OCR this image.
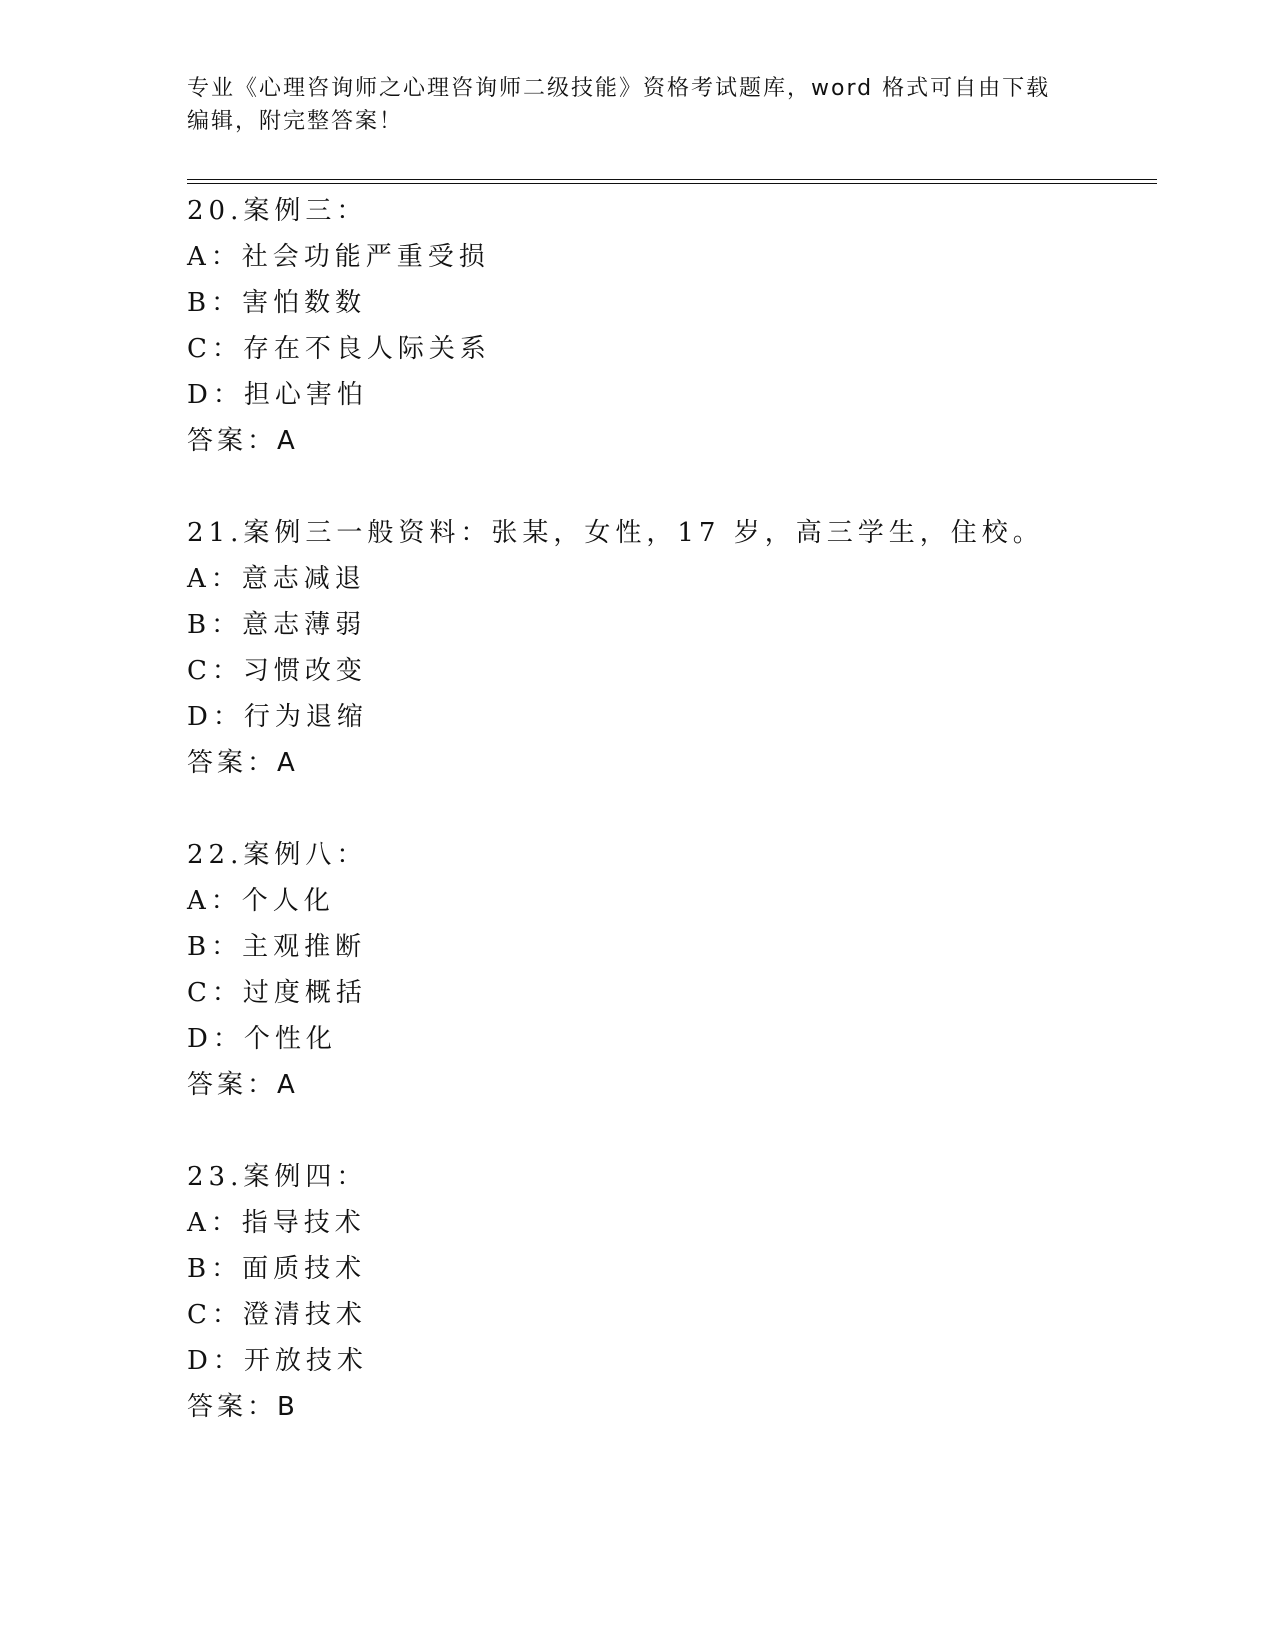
专业《心理咨询师之心理咨询师二级技能》资格考试题库，word 格式可自由下载
编辑，附完整答案！
20.案例三：
A：社会功能严重受损
B：害怕数数
C：存在不良人际关系
D：担心害怕
答案：A
21.案例三一般资料：张某，女性，17 岁，高三学生，住校。
A：意志减退
B：意志薄弱
C：习惯改变
D：行为退缩
答案：A
22.案例八：
A：个人化
B：主观推断
C：过度概括
D：个性化
答案：A
23.案例四：
A：指导技术
B：面质技术
C：澄清技术
D：开放技术
答案：B
